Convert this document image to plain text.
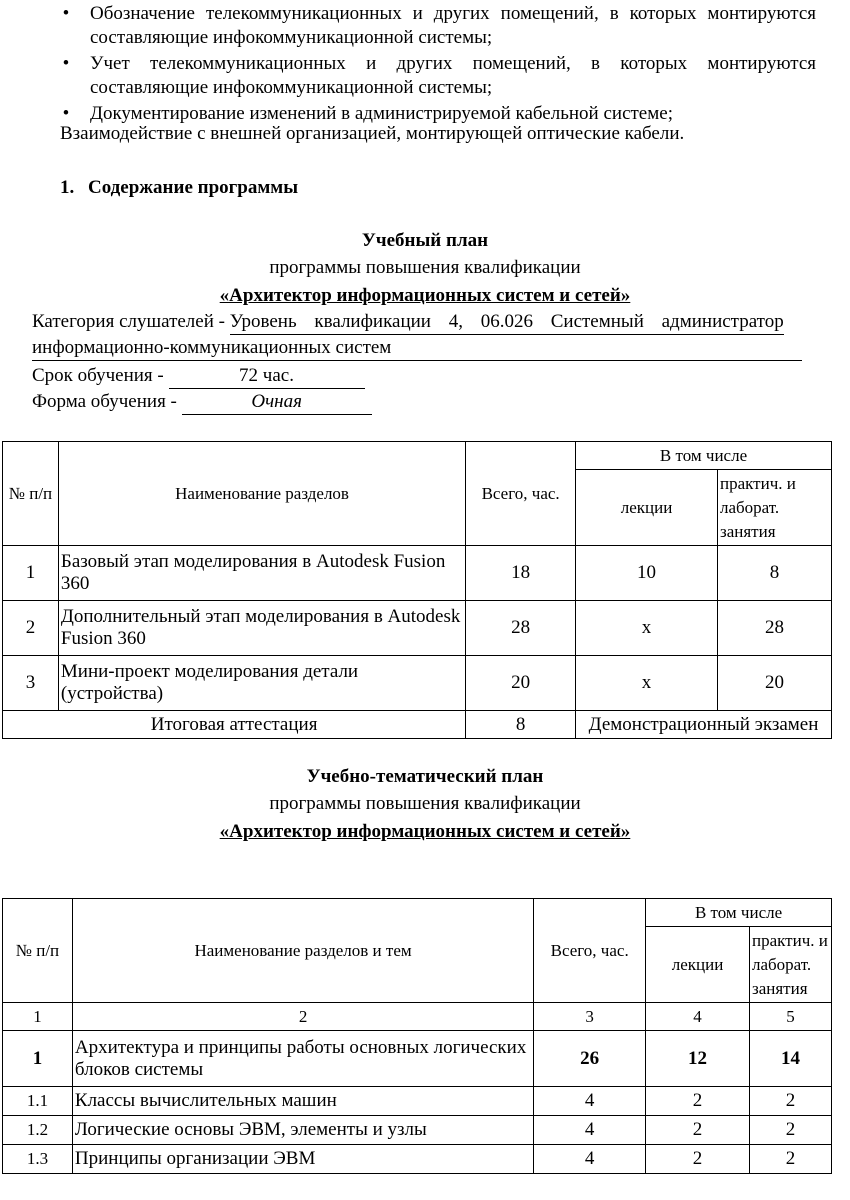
• Обозначение телекоммуникационных и других помещений, в которых монтируются составляющие инфокоммуникационной системы;
• Учет телекоммуникационных и других помещений, в которых монтируются составляющие инфокоммуникационной системы;
• Документирование изменений в администрируемой кабельной системе;
Взаимодействие с внешней организацией, монтирующей оптические кабели.
1. Содержание программы
Учебный план
программы повышения квалификации
«Архитектор информационных систем и сетей»
Категория слушателей - Уровень квалификации 4, 06.026 Системный администратор
информационно-коммуникационных систем
Срок обучения -	72 час.
Форма обучения -	Очная
№ п/п	Наименование разделов	Всего, час.	В том числе	
			лекции	практич. и лаборат. занятия
1	Базовый этап моделирования в Autodesk Fusion 360	18	10	8
2	Дополнительный этап моделирования в Autodesk Fusion 360	28	x	28
3	Мини-проект моделирования детали (устройства)	20	x	20
Итоговая аттестация		8	Демонстрационный экзамен	
Учебно-тематический план
программы повышения квалификации
«Архитектор информационных систем и сетей»
№ п/п	Наименование разделов и тем	Всего, час.	В том числе	
			лекции	практич. и лаборат. занятия
1	2	3	4	5
1	Архитектура и принципы работы основных логических блоков системы	26	12	14
1.1	Классы вычислительных машин	4	2	2
1.2	Логические основы ЭВМ, элементы и узлы	4	2	2
1.3	Принципы организации ЭВМ	4	2	2
